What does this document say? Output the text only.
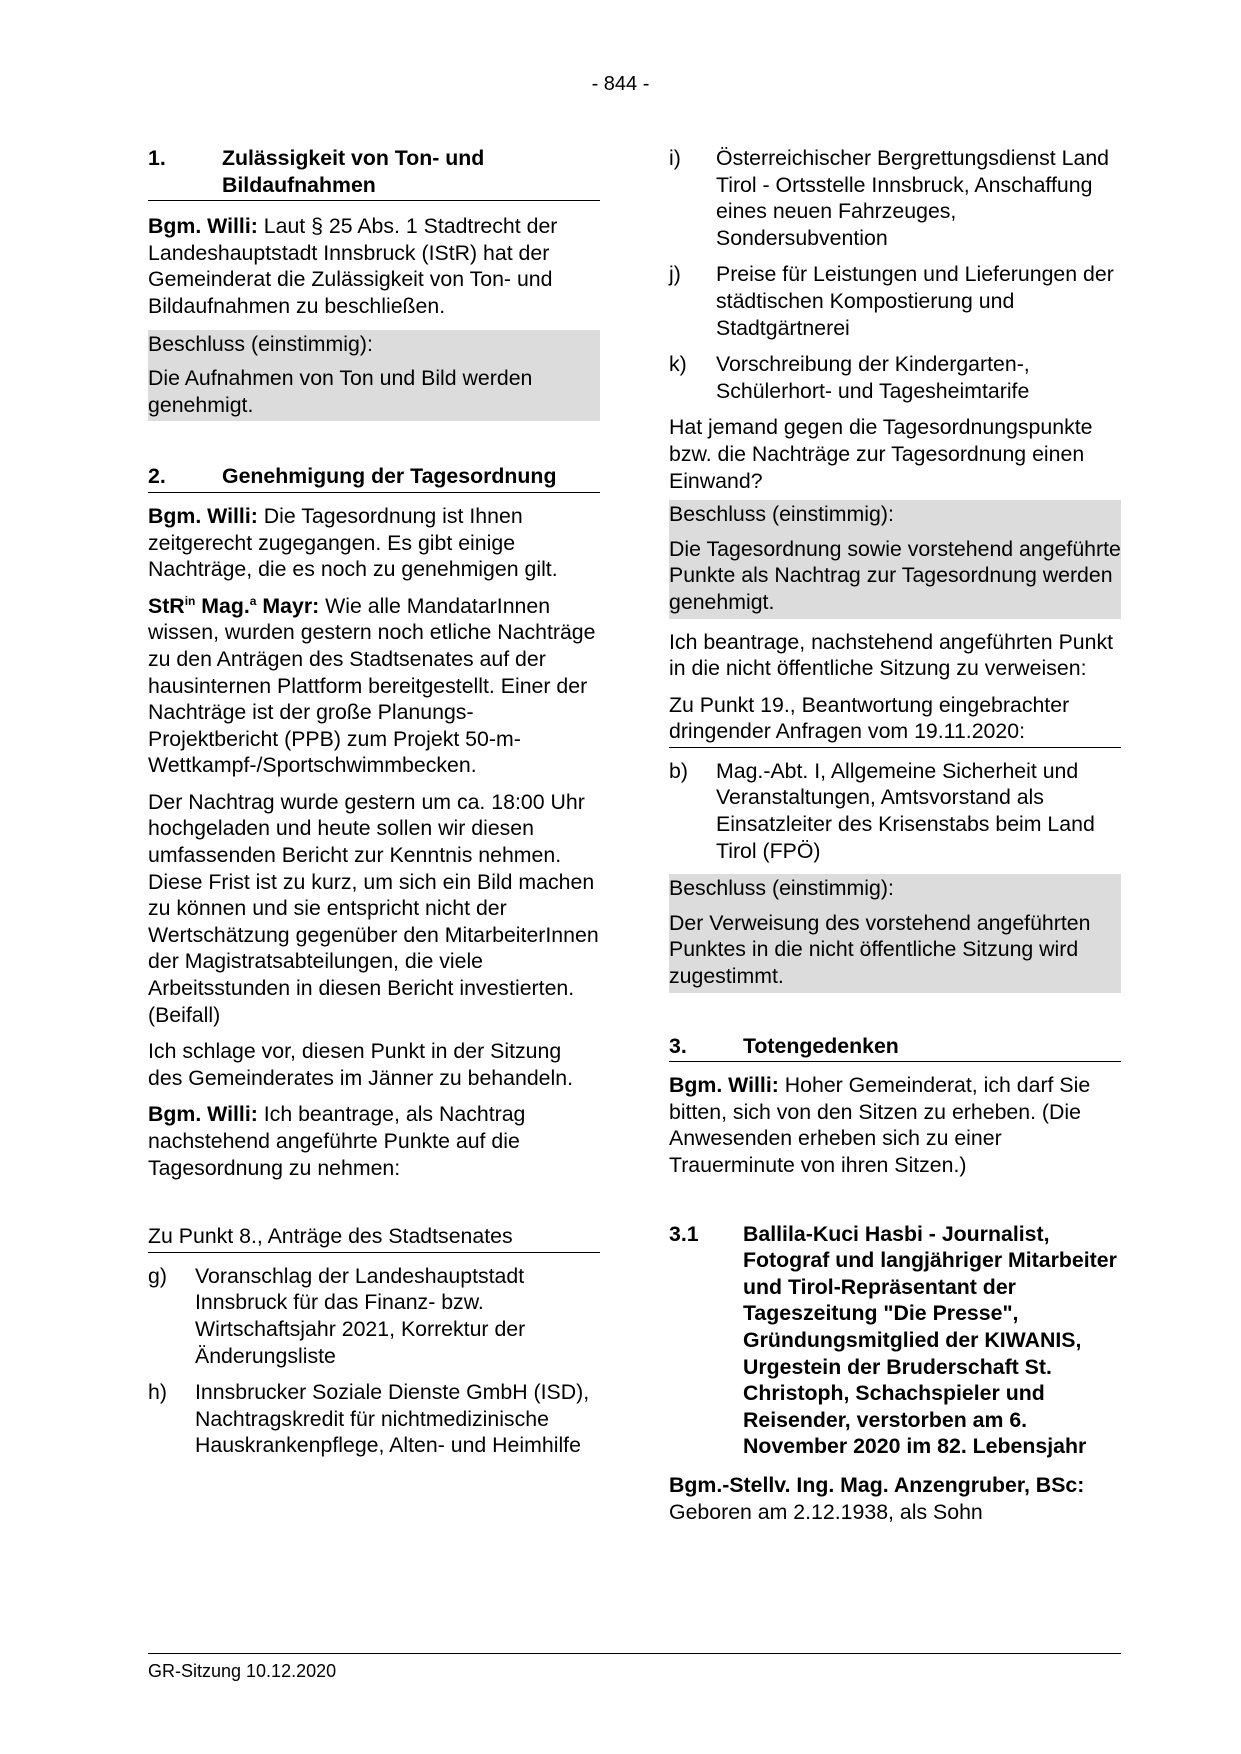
- 844 -
1.	Zulässigkeit von Ton- und Bildaufnahmen

Bgm. Willi: Laut § 25 Abs. 1 Stadtrecht der Landeshauptstadt Innsbruck (IStR) hat der Gemeinderat die Zulässigkeit von Ton- und Bildaufnahmen zu beschließen.

Beschluss (einstimmig):
Die Aufnahmen von Ton und Bild werden genehmigt.
2.	Genehmigung der Tagesordnung

Bgm. Willi: Die Tagesordnung ist Ihnen zeitgerecht zugegangen. Es gibt einige Nachträge, die es noch zu genehmigen gilt.

StR$^{in}$ Mag.$^a$ Mayr: Wie alle MandatarInnen wissen, wurden gestern noch etliche Nachträge zu den Anträgen des Stadtsenates auf der hausinternen Plattform bereitgestellt. Einer der Nachträge ist der große Planungs-Projektbericht (PPB) zum Projekt 50-m-Wettkampf-/Sportschwimmbecken.

Der Nachtrag wurde gestern um ca. 18:00 Uhr hochgeladen und heute sollen wir diesen umfassenden Bericht zur Kenntnis nehmen. Diese Frist ist zu kurz, um sich ein Bild machen zu können und sie entspricht nicht der Wertschätzung gegenüber den MitarbeiterInnen der Magistratsabteilungen, die viele Arbeitsstunden in diesen Bericht investierten. (Beifall)

Ich schlage vor, diesen Punkt in der Sitzung des Gemeinderates im Jänner zu behandeln.

Bgm. Willi: Ich beantrage, als Nachtrag nachstehend angeführte Punkte auf die Tagesordnung zu nehmen:

Zu Punkt 8., Anträge des Stadtsenates
g)	Voranschlag der Landeshauptstadt Innsbruck für das Finanz- bzw. Wirtschaftsjahr 2021, Korrektur der Änderungsliste
h)	Innsbrucker Soziale Dienste GmbH (ISD), Nachtragskredit für nichtmedizinische Hauskrankenpflege, Alten- und Heimhilfe
i)	Österreichischer Bergrettungsdienst Land Tirol - Ortsstelle Innsbruck, Anschaffung eines neuen Fahrzeuges, Sondersubvention
j)	Preise für Leistungen und Lieferungen der städtischen Kompostierung und Stadtgärtnerei
k)	Vorschreibung der Kindergarten-, Schülerhort- und Tagesheimtarife

Hat jemand gegen die Tagesordnungspunkte bzw. die Nachträge zur Tagesordnung einen Einwand?

Beschluss (einstimmig):
Die Tagesordnung sowie vorstehend angeführte Punkte als Nachtrag zur Tagesordnung werden genehmigt.

Ich beantrage, nachstehend angeführten Punkt in die nicht öffentliche Sitzung zu verweisen:

Zu Punkt 19., Beantwortung eingebrachter dringender Anfragen vom 19.11.2020:
b)	Mag.-Abt. I, Allgemeine Sicherheit und Veranstaltungen, Amtsvorstand als Einsatzleiter des Krisenstabs beim Land Tirol (FPÖ)
Beschluss (einstimmig):
Der Verweisung des vorstehend angeführten Punktes in die nicht öffentliche Sitzung wird zugestimmt.
3.	Totengedenken

Bgm. Willi: Hoher Gemeinderat, ich darf Sie bitten, sich von den Sitzen zu erheben. (Die Anwesenden erheben sich zu einer Trauerminute von ihren Sitzen.)

3.1	Ballila-Kuci Hasbi - Journalist, Fotograf und langjähriger Mitarbeiter und Tirol-Repräsentant der Tageszeitung "Die Presse", Gründungsmitglied der KIWANIS, Urgestein der Bruderschaft St. Christoph, Schachspieler und Reisender, verstorben am 6. November 2020 im 82. Lebensjahr

Bgm.-Stellv. Ing. Mag. Anzengruber, BSc: Geboren am 2.12.1938, als Sohn

GR-Sitzung 10.12.2020
